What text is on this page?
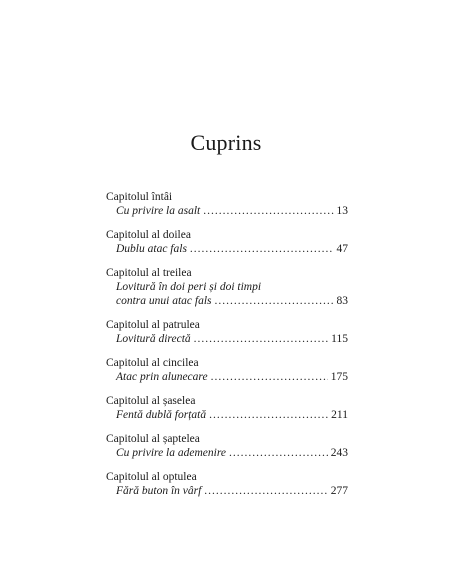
Cuprins
Capitolul întâi
Cu privire la asalt .....	13
Capitolul al doilea
Dublu atac fals .....	47
Capitolul al treilea
Lovitură în doi peri și doi timpi
contra unui atac fals .....	83
Capitolul al patrulea
Lovitură directă .....	115
Capitolul al cincilea
Atac prin alunecare .....	175
Capitolul al șaselea
Fentă dublă forțată .....	211
Capitolul al șaptelea
Cu privire la ademenire .....	243
Capitolul al optulea
Fără buton în vârf .....	277
